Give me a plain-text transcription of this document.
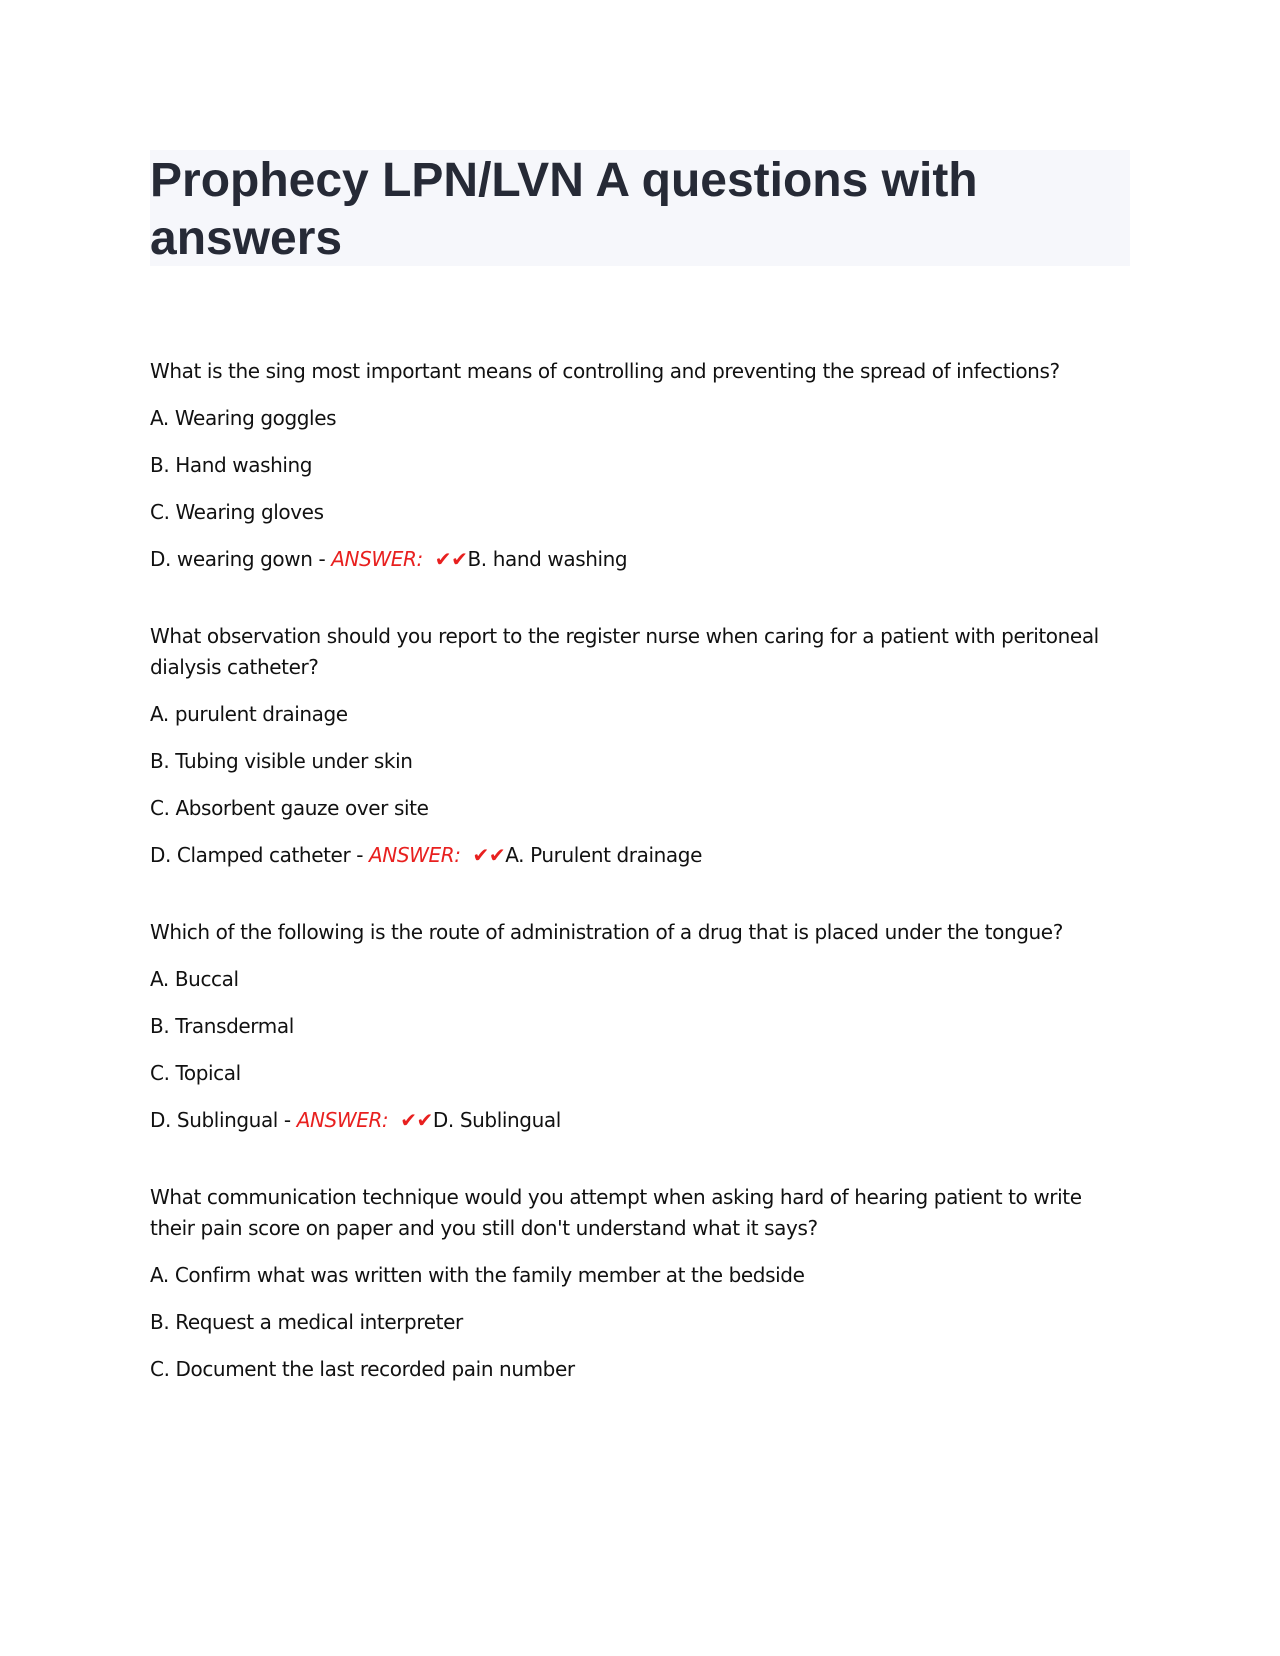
Prophecy LPN/LVN A questions with answers

What is the sing most important means of controlling and preventing the spread of infections?

A. Wearing goggles

B. Hand washing

C. Wearing gloves

D. wearing gown - ANSWER: ✔✔B. hand washing

What observation should you report to the register nurse when caring for a patient with peritoneal dialysis catheter?

A. purulent drainage

B. Tubing visible under skin

C. Absorbent gauze over site

D. Clamped catheter - ANSWER: ✔✔A. Purulent drainage

Which of the following is the route of administration of a drug that is placed under the tongue?

A. Buccal

B. Transdermal

C. Topical

D. Sublingual - ANSWER: ✔✔D. Sublingual

What communication technique would you attempt when asking hard of hearing patient to write their pain score on paper and you still don't understand what it says?

A. Confirm what was written with the family member at the bedside

B. Request a medical interpreter

C. Document the last recorded pain number
